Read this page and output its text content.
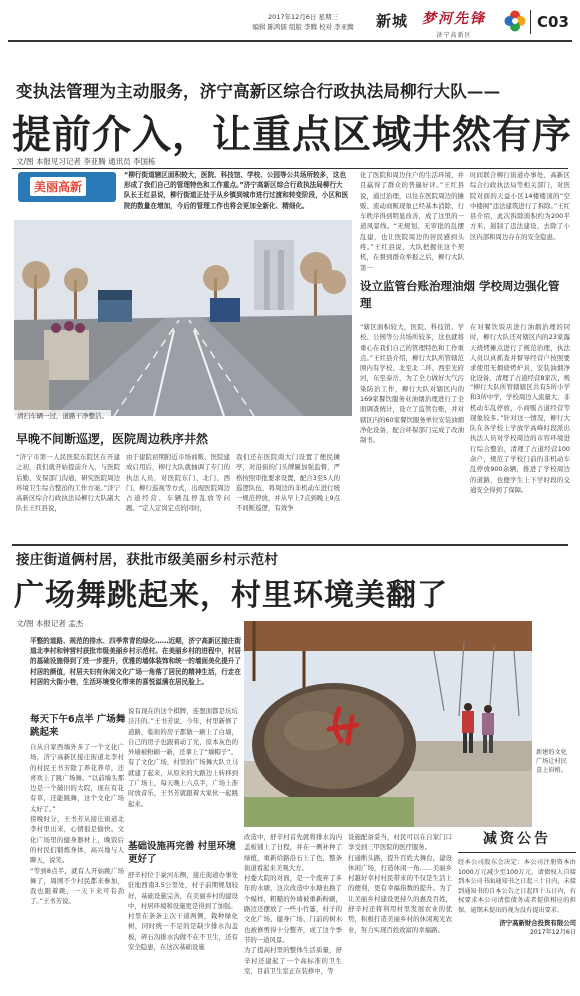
2017年12月6日 星期三
编辑 陈鸿儒 组版 李腾 校对 李亚腾	新城 梦河先锋
济宁高新区
C03
变执法管理为主动服务，济宁高新区综合行政执法局柳行大队——
提前介入，让重点区域井然有序
文/图 本报见习记者 李亚腾 通讯员 李国栋
美丽高新
“柳行街道辖区面积较大，医院、科技馆、学校、公园等公共场所较多，这也形成了我们自己的管理特色和工作重点。”济宁高新区综合行政执法局柳行大队长王红县说，柳行街道正处于从乡镇到城市进行过渡和转变阶段，小区和医院的数量在增加，今后的管理工作也将会更加全新化、精细化。
清扫车辆一过，道路干净整洁。
早晚不间断巡逻，医院周边秩序井然
“济宁市第一人民医院东院区在开建之初，我们就开始提前介入，与医院后勤、安保部门沟通，研究医院周边环境卫生综合整治的工作方案。”济宁高新区综合行政执法局柳行大队副大队长王红县说，
由于建院初期附近市场商贩、医院建成启用后，柳行大队就抽调了专门的执法人员，对医院东门、北门、西门、柳行巡视等方式，出现医院周边占道经营、车辆乱停乱放等问题。“定人定岗定点的同时，
我们还在医院南大门设置了便民摊亭，对沿街的门头牌匾加强监督，严格按照审批要求设置，配合3至5人的巡逻队伍，将周边的非机动车进行统一规范停放，并从早上7点到晚上9点不间断巡逻，有效争
化了医院和周边住户的生活环境，并且赢得了群众的普遍好评。”王红县说，通过治理，以往在医院周边的摊贩、流动商贩现象已经基本消除，行车秩序得到明显改善，成了这里的一道风景线。“无规划、无审批的乱摆乱建，也让医院周边的居民感到头疼。”王红县说，大队把握住这个契机，在督到群众举报之后，柳行大队第一
时间联合柳行街道办事处、高新区综合行政执法局等相关部门，对医院对面的天益小区14楼楼顶的“空中楼阁”违法建筑进行了拆除。”王红县介绍，此次拆除面积约为200平方米，遏制了违法建设，去除了小区内部和周边存在的安全隐患。
设立监管台账治理油烟 学校周边强化管理
“辖区面积较大，医院、科技馆、学校、公园等公共场所较多，这也就将重心在我们自己的管理特色和工作重点。”王红县介绍，柳行大队所管辖范围内有学校、北至北二环、西至光府河，东至泰岳，为了全力做好大气污染防治工作，柳行大队对辖区内的169家餐饮服务业油烟治理进行了全面调查统计，设立了监管台账，并对辖区内的60家餐饮服务单位安装油烟净化设备，配合环保部门完成了改油制书。
在对餐饮饭店进行油烟治理的同时，柳行大队还对辖区内的23家露天烧烤摊点进行了规范治理，执法人员以真抓查并督导经营户按照要求使用无烟烧烤炉具，安装油烟净化设备，清理了占道经营8家次，规
“柳行大队所管辖辖区共有5所小学和3所中学，学校周边人流量大，非机动车乱停放，小商贩占道经营等现象较多。”针对这一情况，柳行大队在各学校上学放学高峰时段派出执法人员对学校周边的市容环境进行综合整治，清理了占道经营100余户，规范了学校门前的非机动车乱停放900余辆，推进了学校周边的道路，也便学生上下学时段的交通安全得到了保障。
接庄街道俩村居，获批市级美丽乡村示范村
广场舞跳起来，村里环境美翻了
文/图 本报记者 孟杰
平整的道路、规范的排水、四季常青的绿化……近期，济宁高新区接庄街道北李村和钟营村获批市级美丽乡村示范村。在美丽乡村的进程中，村居的基础设施得到了进一步提升，优雅的墙体装饰和统一的墙面美化提升了村居的颜值，村居夫妇有休闲文化广场一角落了居民的精神生活，行走在村居的大街小巷，生活环境变化带来的喜悦溢满在居民脸上。
每天下午6点半 广场舞跳起来
自从自家西墙外多了一个文化广场，济宁高新区接庄街道北李村的村民王书芳除了养花养草，还喜欢上了跳广场舞。“以前墙头那边是一个破旧的大院，现在有花有草，还能跳舞，这个文化广场太好了。”
傍晚时分，王书芳从接庄街道北李村里出来，心情很是愉快。文化广场里的健身器材上，晚饭后的村民们锻炼身体，高兴地与人聊天，说笑。
“等到8点半，就有人开始跳广场舞了，周围不少村民都来参加，我也跟着跳，一天下来可有劲了。”王书芳说。
说有现在的这个棋牌，连想面都是坑坑洼洼的。”王书芳说，今年，村里新修了道路，临街的房子都做一刷上了白墙，自己的房子也跟着动了光，原本灰色的外墙被粉刷一新，还拿上了“墙帽子”。
有了文化广场，村里的广场舞大队立马就建了起来，从原来的大路边上转移到了广场上，每天晚上六点半，广场上准时放音乐，王书芳就跟着大家伙一起跳起来。
基础设施再完善 村里环境更好了
舒辛村位于豪河东侧，接庄街道办事处驻地西南3.5公里处，村子前期规划较好，基础设施完善，在美丽乡村的建设中，村居环境和设施更是得到了加强。
村里在条条主次干道两侧，栽种绿化树，同时统一不足的是缺少排水沟盖板，碎石沟排水沟做不在不卫生，还有安全隐患，在这次基础设施
改造中，舒辛村首先就将排水沟内盖板铺上了日程，并在一侧补种了绿植，重新给路沿石上了色，整条街道看起来美观大方。
村委大院的对面，是一个废弃了多年的水塘，这次改造中水塘也换了个模样，粗糙的外墙被重新粉刷，路边还摆放了一些小竹篓，村子的文化广场、健身广场、门前的树木也被修剪得十分整齐，成了这个季节的一道风景。
为了提高村里的整体生活质量，舒辛村还建起了一个高标准的卫生室，目前卫生室正在装修中，等
设施配备妥当，村民可以在自家门口享受到三甲医院的医疗服务。
打通断头路，提升百姓大舞台，建设休闲广场，打造休闲一角……美丽乡村越好幸村村民带来的不仅是生活上的便利，更有幸福指数的提升。为了让美丽乡村建设更持久的惠及百姓，舒辛村还将利用村里发展农业的优势，积极打造美丽乡村的休闲观光农业，努力实现百姓致富的幸福路。
新建的文化广场让村民喜上眉梢。
减资公告
经本公司股东会决定：本公司注册资本由1000万元减少至100万元，请债权人自接到本公司书面通知书之日起三十日内，未接到通知书的自本公告之日起四十五日内，有权要求本公司清偿债务或者提供相应的担保。逾期未提出的视为没有提出要求。
济宁高新财合投资有限公司
2017年12月6日
